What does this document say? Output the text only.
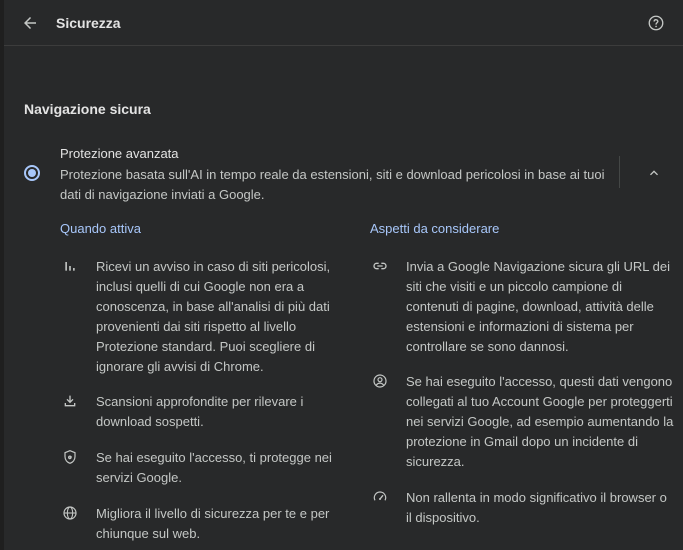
Sicurezza
Navigazione sicura
Protezione avanzata
Protezione basata sull'AI in tempo reale da estensioni, siti e download pericolosi in base ai tuoi dati di navigazione inviati a Google.
Quando attiva
Ricevi un avviso in caso di siti pericolosi, inclusi quelli di cui Google non era a conoscenza, in base all'analisi di più dati provenienti dai siti rispetto al livello Protezione standard. Puoi scegliere di ignorare gli avvisi di Chrome.
Scansioni approfondite per rilevare i download sospetti.
Se hai eseguito l'accesso, ti protegge nei servizi Google.
Migliora il livello di sicurezza per te e per chiunque sul web.
Aspetti da considerare
Invia a Google Navigazione sicura gli URL dei siti che visiti e un piccolo campione di contenuti di pagine, download, attività delle estensioni e informazioni di sistema per controllare se sono dannosi.
Se hai eseguito l'accesso, questi dati vengono collegati al tuo Account Google per proteggerti nei servizi Google, ad esempio aumentando la protezione in Gmail dopo un incidente di sicurezza.
Non rallenta in modo significativo il browser o il dispositivo.
